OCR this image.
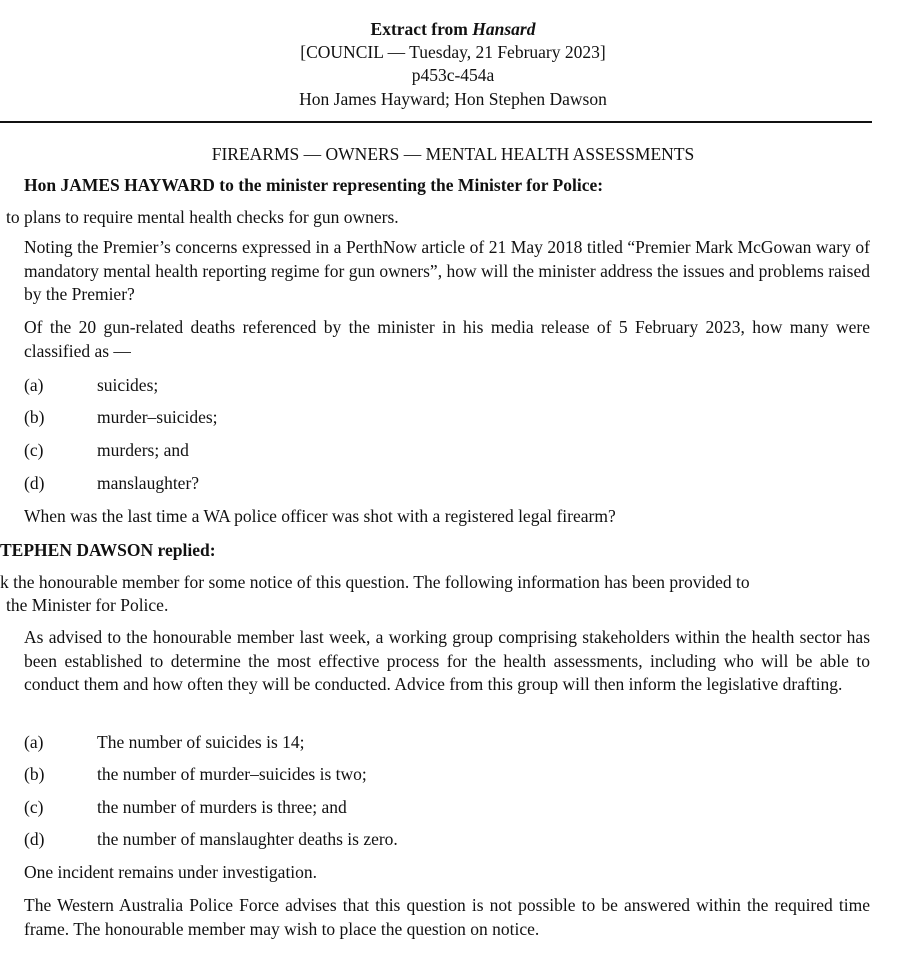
Extract from Hansard
[COUNCIL — Tuesday, 21 February 2023]
p453c-454a
Hon James Hayward; Hon Stephen Dawson
FIREARMS — OWNERS — MENTAL HEALTH ASSESSMENTS
Hon JAMES HAYWARD to the minister representing the Minister for Police:
to plans to require mental health checks for gun owners.
Noting the Premier’s concerns expressed in a PerthNow article of 21 May 2018 titled “Premier Mark McGowan wary of mandatory mental health reporting regime for gun owners”, how will the minister address the issues and problems raised by the Premier?
Of the 20 gun-related deaths referenced by the minister in his media release of 5 February 2023, how many were classified as —
(a)	suicides;
(b)	murder–suicides;
(c)	murders; and
(d)	manslaughter?
When was the last time a WA police officer was shot with a registered legal firearm?
TEPHEN DAWSON replied:
k the honourable member for some notice of this question. The following information has been provided to
the Minister for Police.
As advised to the honourable member last week, a working group comprising stakeholders within the health sector has been established to determine the most effective process for the health assessments, including who will be able to conduct them and how often they will be conducted. Advice from this group will then inform the legislative drafting.
(a)	The number of suicides is 14;
(b)	the number of murder–suicides is two;
(c)	the number of murders is three; and
(d)	the number of manslaughter deaths is zero.
One incident remains under investigation.
The Western Australia Police Force advises that this question is not possible to be answered within the required time frame. The honourable member may wish to place the question on notice.
